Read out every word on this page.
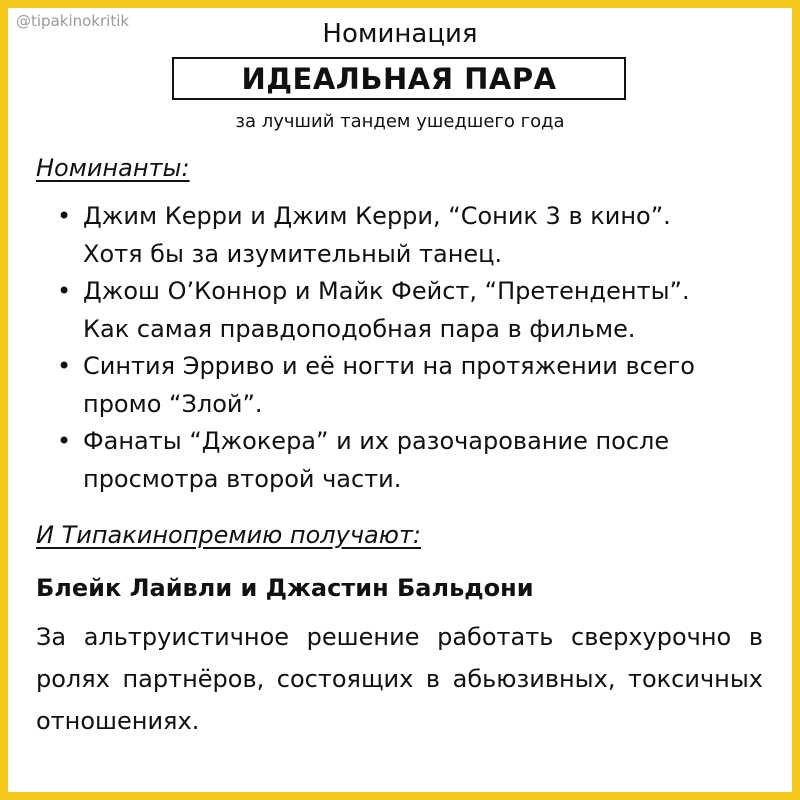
@tipakinokritik	Номинация
ИДЕАЛЬНАЯ ПАРА
за лучший тандем ушедшего года
Номинанты:
• Джим Керри и Джим Керри, “Соник 3 в кино”.
Хотя бы за изумительный танец.
• Джош О’Коннор и Майк Фейст, “Претенденты”.
Как самая правдоподобная пара в фильме.
• Синтия Эрриво и её ногти на протяжении всего
промо “Злой”.
• Фанаты “Джокера” и их разочарование после
просмотра второй части.
И Типакинопремию получают:
Блейк Лайвли и Джастин Бальдони
За альтруистичное решение работать сверхурочно в ролях партнёров, состоящих в абьюзивных, токсичных отношениях.
